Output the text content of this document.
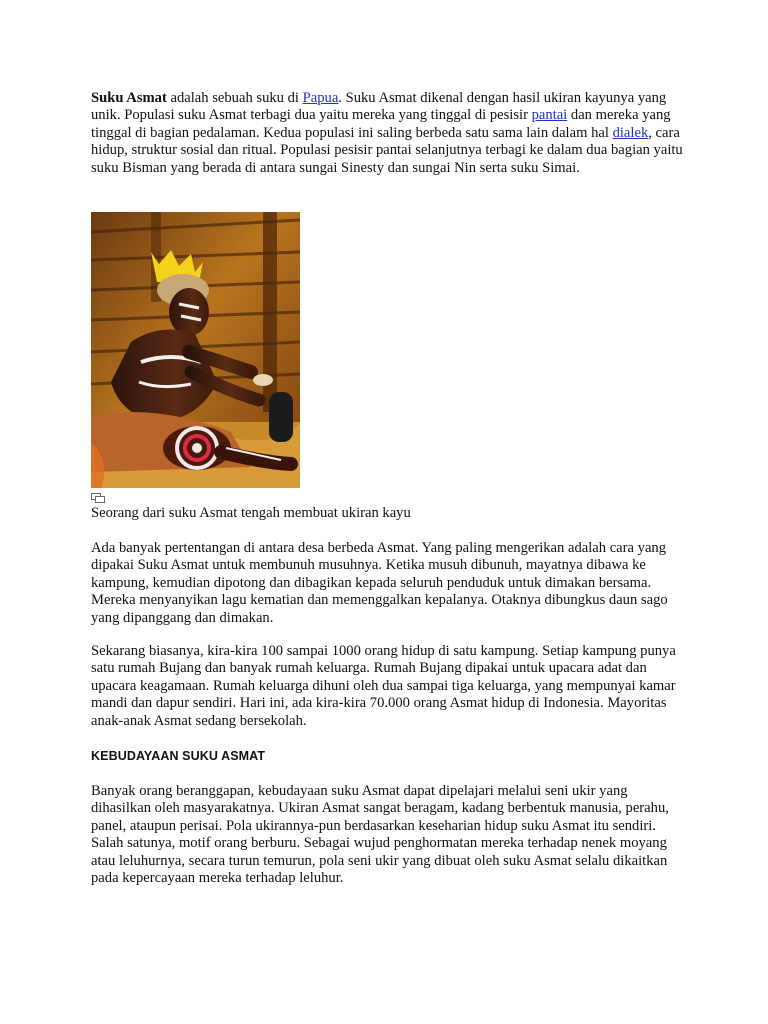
Suku Asmat adalah sebuah suku di Papua. Suku Asmat dikenal dengan hasil ukiran kayunya yang unik. Populasi suku Asmat terbagi dua yaitu mereka yang tinggal di pesisir pantai dan mereka yang tinggal di bagian pedalaman. Kedua populasi ini saling berbeda satu sama lain dalam hal dialek, cara hidup, struktur sosial dan ritual. Populasi pesisir pantai selanjutnya terbagi ke dalam dua bagian yaitu suku Bisman yang berada di antara sungai Sinesty dan sungai Nin serta suku Simai.

Seorang dari suku Asmat tengah membuat ukiran kayu

Ada banyak pertentangan di antara desa berbeda Asmat. Yang paling mengerikan adalah cara yang dipakai Suku Asmat untuk membunuh musuhnya. Ketika musuh dibunuh, mayatnya dibawa ke kampung, kemudian dipotong dan dibagikan kepada seluruh penduduk untuk dimakan bersama. Mereka menyanyikan lagu kematian dan memenggalkan kepalanya. Otaknya dibungkus daun sago yang dipanggang dan dimakan.

Sekarang biasanya, kira-kira 100 sampai 1000 orang hidup di satu kampung. Setiap kampung punya satu rumah Bujang dan banyak rumah keluarga. Rumah Bujang dipakai untuk upacara adat dan upacara keagamaan. Rumah keluarga dihuni oleh dua sampai tiga keluarga, yang mempunyai kamar mandi dan dapur sendiri. Hari ini, ada kira-kira 70.000 orang Asmat hidup di Indonesia. Mayoritas anak-anak Asmat sedang bersekolah.

KEBUDAYAAN SUKU ASMAT

Banyak orang beranggapan, kebudayaan suku Asmat dapat dipelajari melalui seni ukir yang dihasilkan oleh masyarakatnya. Ukiran Asmat sangat beragam, kadang berbentuk manusia, perahu, panel, ataupun perisai. Pola ukirannya-pun berdasarkan keseharian hidup suku Asmat itu sendiri. Salah satunya, motif orang berburu. Sebagai wujud penghormatan mereka terhadap nenek moyang atau leluhurnya, secara turun temurun, pola seni ukir yang dibuat oleh suku Asmat selalu dikaitkan pada kepercayaan mereka terhadap leluhur.
